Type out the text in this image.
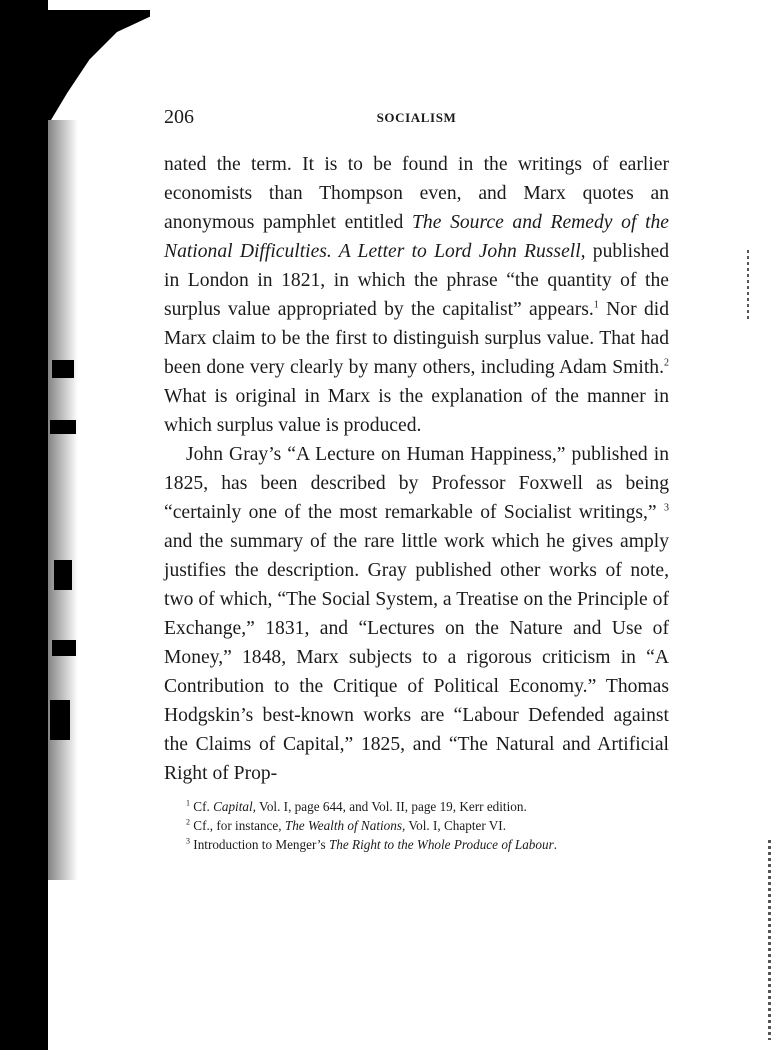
206	SOCIALISM

nated the term. It is to be found in the writings of earlier economists than Thompson even, and Marx quotes an anonymous pamphlet entitled The Source and Remedy of the National Difficulties. A Letter to Lord John Russell, published in London in 1821, in which the phrase “the quantity of the surplus value appropriated by the capitalist” appears.$^1$ Nor did Marx claim to be the first to distinguish surplus value. That had been done very clearly by many others, including Adam Smith.$^2$ What is original in Marx is the explanation of the manner in which surplus value is produced.

John Gray’s “A Lecture on Human Happiness,” published in 1825, has been described by Professor Foxwell as being “certainly one of the most remarkable of Socialist writings,” $^3$ and the summary of the rare little work which he gives amply justifies the description. Gray published other works of note, two of which, “The Social System, a Treatise on the Principle of Exchange,” 1831, and “Lectures on the Nature and Use of Money,” 1848, Marx subjects to a rigorous criticism in “A Contribution to the Critique of Political Economy.” Thomas Hodgskin’s best-known works are “Labour Defended against the Claims of Capital,” 1825, and “The Natural and Artificial Right of Prop-

$^1$ Cf. Capital, Vol. I, page 644, and Vol. II, page 19, Kerr edition.

$^2$ Cf., for instance, The Wealth of Nations, Vol. I, Chapter VI.

$^3$ Introduction to Menger’s The Right to the Whole Produce of Labour.
